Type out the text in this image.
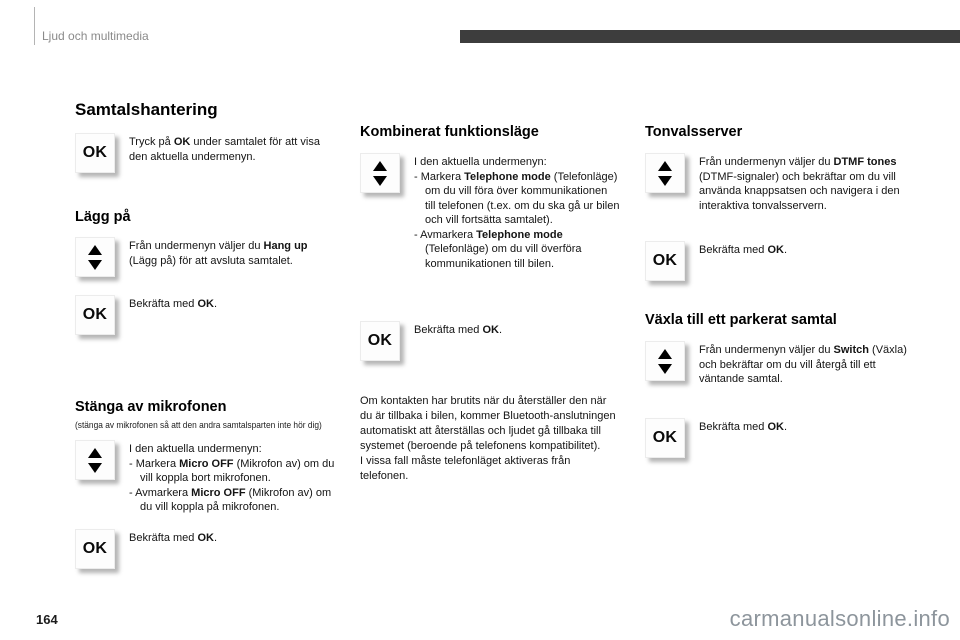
Ljud och multimedia
Samtalshantering
OK

Tryck på OK under samtalet för att visa den aktuella undermenyn.

Lägg på

Från undermenyn väljer du Hang up (Lägg på) för att avsluta samtalet.

OK

Bekräfta med OK.

Stänga av mikrofonen
(stänga av mikrofonen så att den andra samtalsparten inte hör dig)

I den aktuella undermenyn:

- Markera Micro OFF (Mikrofon av) om du vill koppla bort mikrofonen.

- Avmarkera Micro OFF (Mikrofon av) om du vill koppla på mikrofonen.

OK

Bekräfta med OK.

Kombinerat funktionsläge

I den aktuella undermenyn:

- Markera Telephone mode (Telefonläge) om du vill föra över kommunikationen till telefonen (t.ex. om du ska gå ur bilen och vill fortsätta samtalet).

- Avmarkera Telephone mode (Telefonläge) om du vill överföra kommunikationen till bilen.

OK

Bekräfta med OK.

Om kontakten har brutits när du återställer den när du är tillbaka i bilen, kommer Bluetooth-anslutningen automatiskt att återställas och ljudet gå tillbaka till systemet (beroende på telefonens kompatibilitet).

I vissa fall måste telefonläget aktiveras från telefonen.

Tonvalsserver

Från undermenyn väljer du DTMF tones (DTMF-signaler) och bekräftar om du vill använda knappsatsen och navigera i den interaktiva tonvalsservern.

OK

Bekräfta med OK.

Växla till ett parkerat samtal

Från undermenyn väljer du Switch (Växla) och bekräftar om du vill återgå till ett väntande samtal.

OK

Bekräfta med OK.

164	carmanualsonline.info
